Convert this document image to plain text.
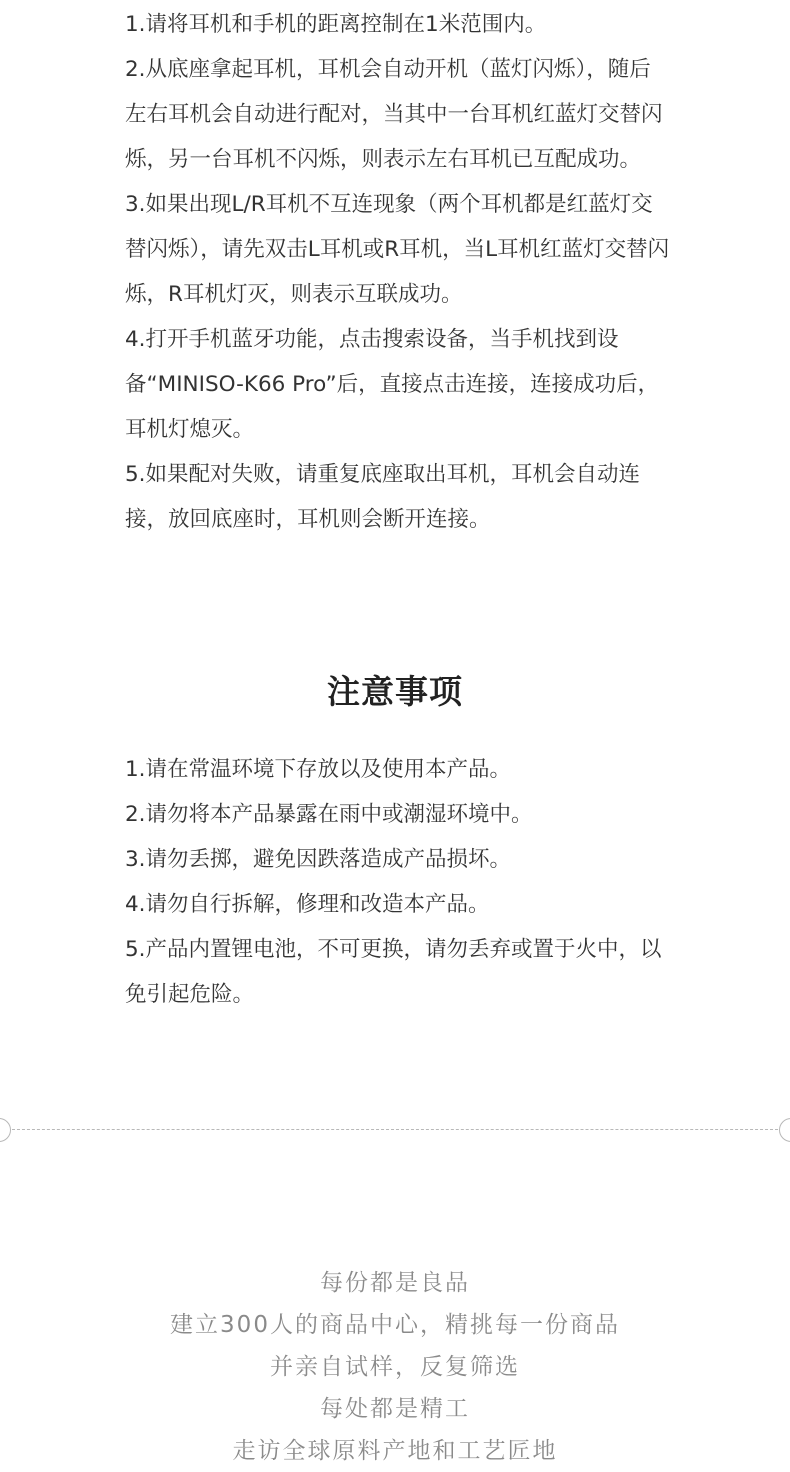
1.请将耳机和手机的距离控制在1米范围内。

2.从底座拿起耳机，耳机会自动开机（蓝灯闪烁），随后左右耳机会自动进行配对，当其中一台耳机红蓝灯交替闪烁，另一台耳机不闪烁，则表示左右耳机已互配成功。

3.如果出现L/R耳机不互连现象（两个耳机都是红蓝灯交替闪烁），请先双击L耳机或R耳机，当L耳机红蓝灯交替闪烁，R耳机灯灭，则表示互联成功。

4.打开手机蓝牙功能，点击搜索设备，当手机找到设备“MINISO-K66 Pro”后，直接点击连接，连接成功后，耳机灯熄灭。

5.如果配对失败，请重复底座取出耳机，耳机会自动连接，放回底座时，耳机则会断开连接。

注意事项

1.请在常温环境下存放以及使用本产品。

2.请勿将本产品暴露在雨中或潮湿环境中。

3.请勿丢掷，避免因跌落造成产品损坏。

4.请勿自行拆解，修理和改造本产品。

5.产品内置锂电池，不可更换，请勿丢弃或置于火中，以免引起危险。

每份都是良品

建立300人的商品中心，精挑每一份商品

并亲自试样，反复筛选

每处都是精工

走访全球原料产地和工艺匠地
